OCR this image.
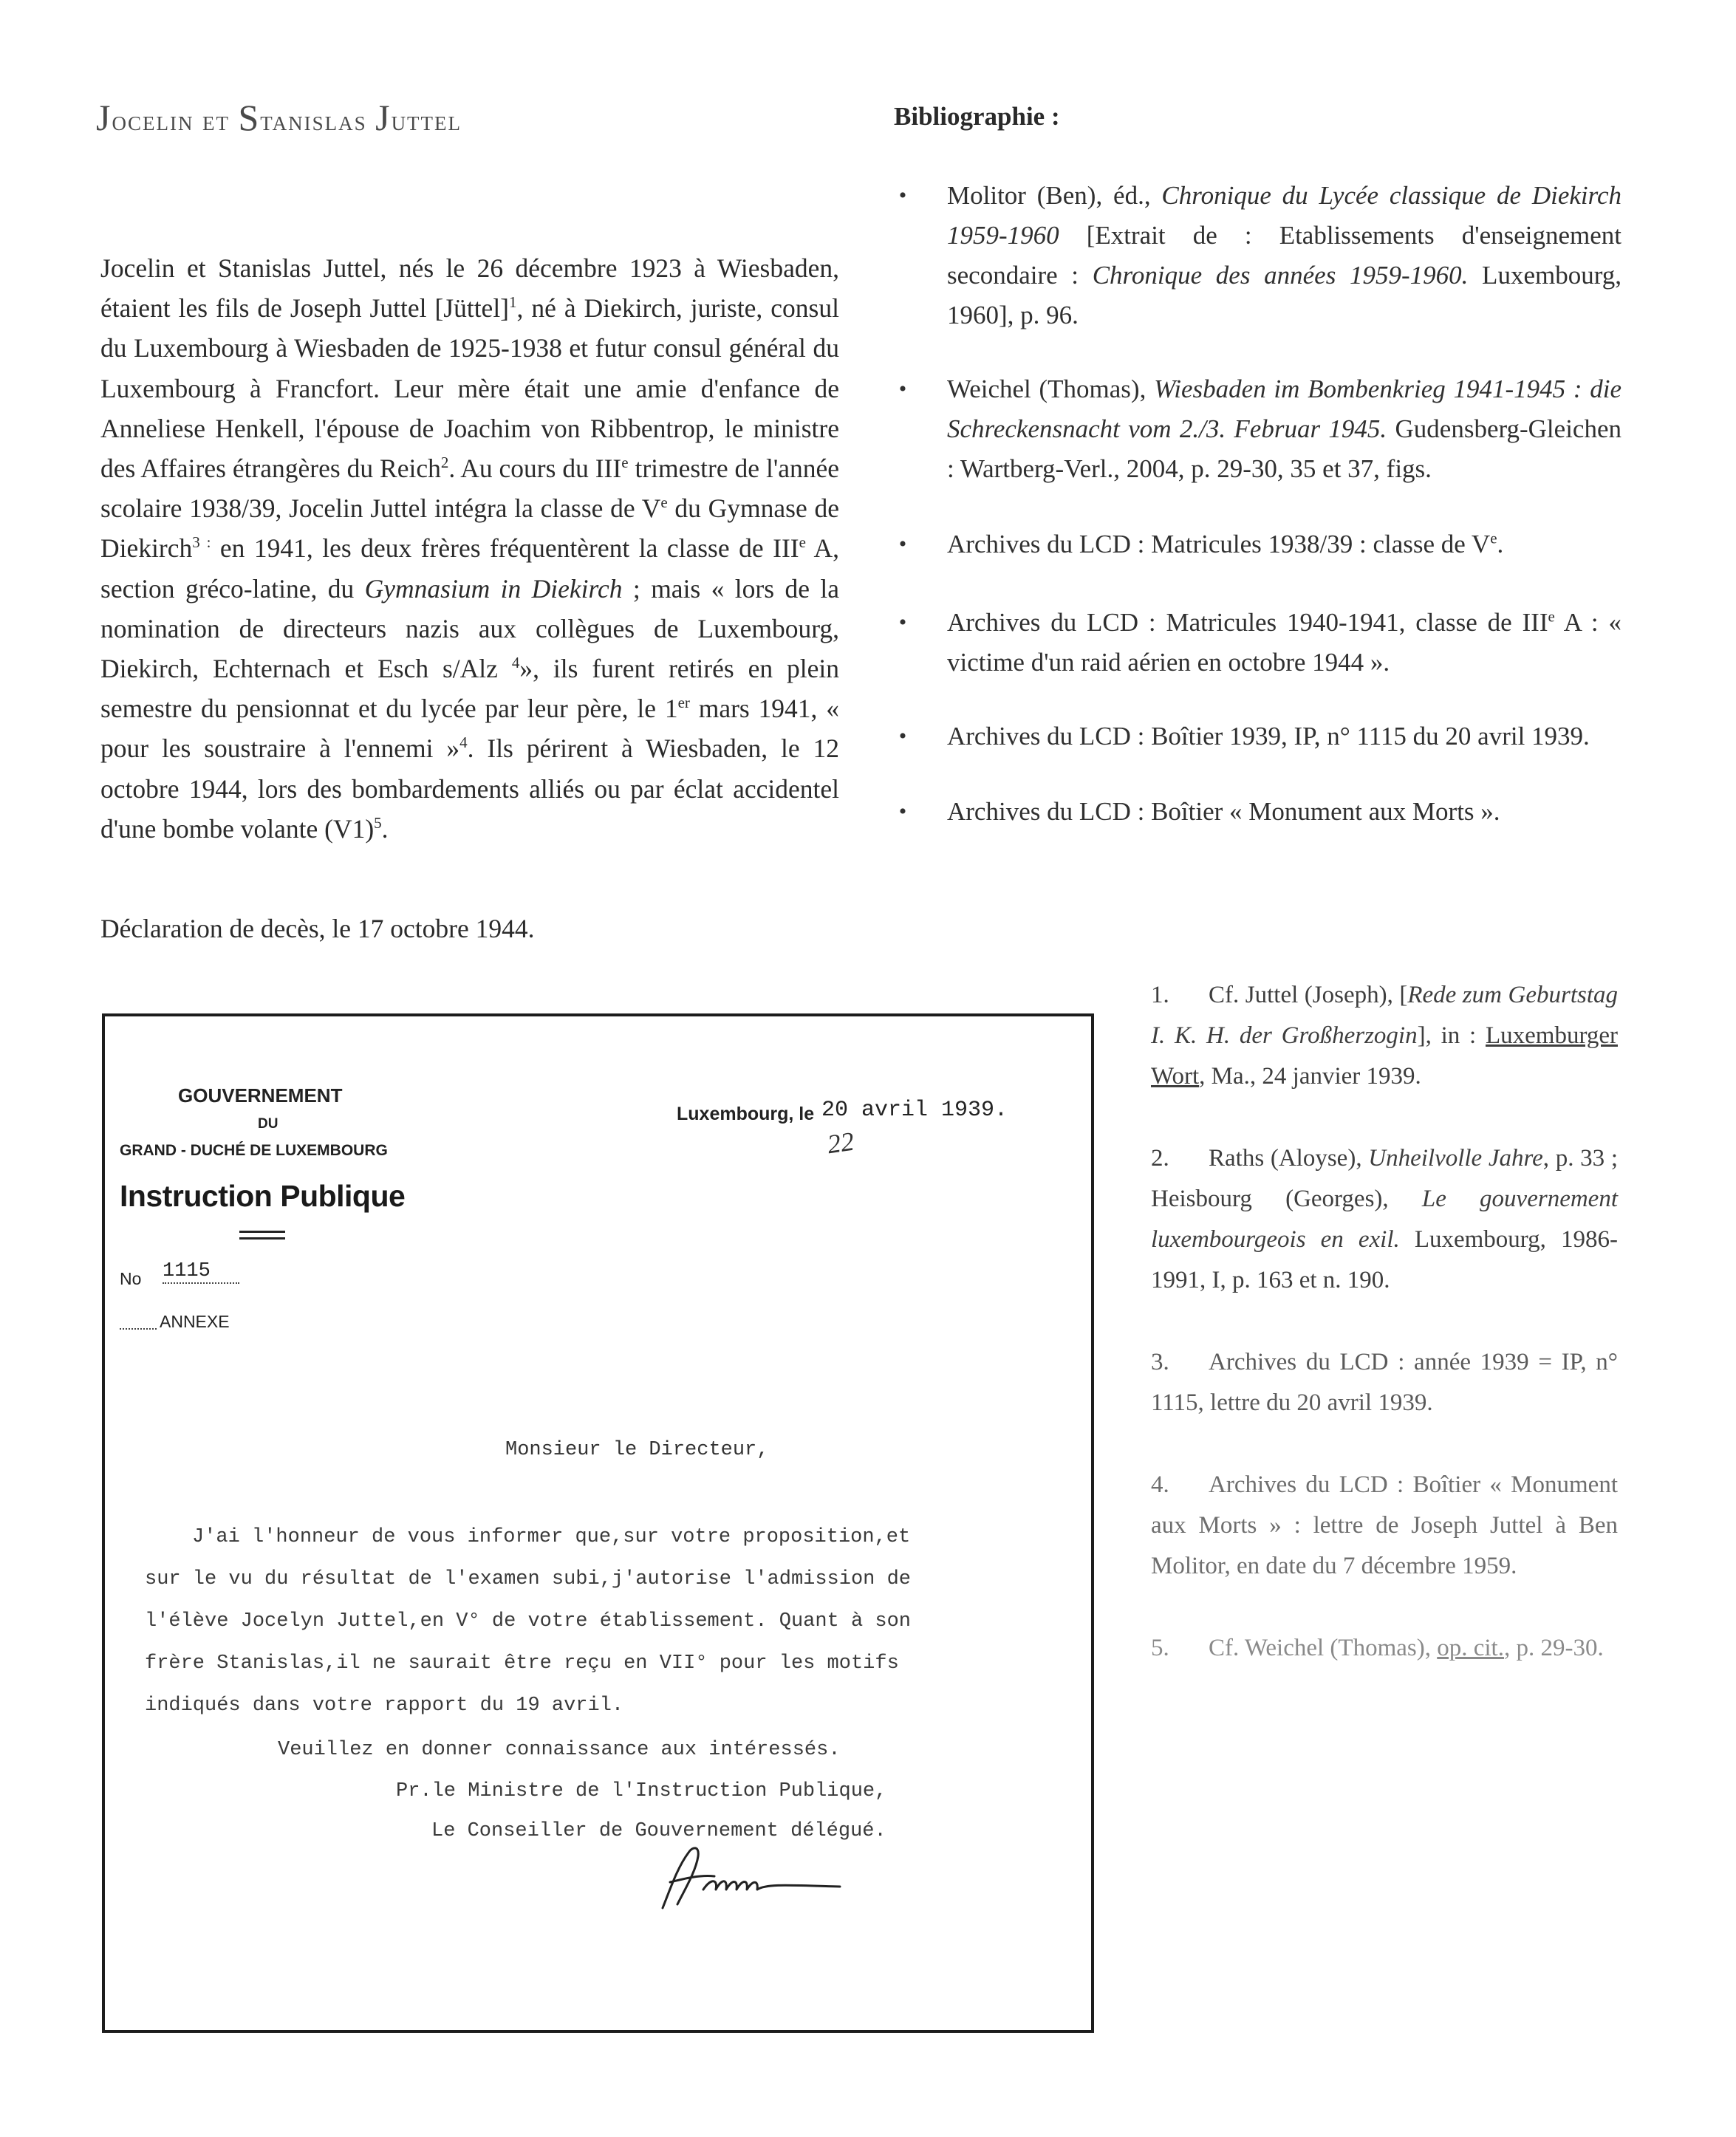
Jocelin et Stanislas Juttel

Jocelin et Stanislas Juttel, nés le 26 décembre 1923 à Wiesbaden, étaient les fils de Joseph Juttel [Jüttel]$^1$, né à Diekirch, juriste, consul du Luxembourg à Wiesbaden de 1925-1938 et futur consul général du Luxembourg à Francfort. Leur mère était une amie d'enfance de Anneliese Henkell, l'épouse de Joachim von Ribbentrop, le ministre des Affaires étrangères du Reich$^2$. Au cours du IIIe trimestre de l'année scolaire 1938/39, Jocelin Juttel intégra la classe de Ve du Gymnase de Diekirch$^{3 :}$ en 1941, les deux frères fréquentèrent la classe de IIIe A, section gréco-latine, du Gymnasium in Diekirch ; mais « lors de la nomination de directeurs nazis aux collègues de Luxembourg, Diekirch, Echternach et Esch s/Alz $^4$», ils furent retirés en plein semestre du pensionnat et du lycée par leur père, le 1er mars 1941, « pour les soustraire à l'ennemi »$^4$. Ils périrent à Wiesbaden, le 12 octobre 1944, lors des bombardements alliés ou par éclat accidentel d'une bombe volante $(V1)^5$.

Déclaration de decès, le 17 octobre 1944.
Bibliographie :
• Molitor (Ben), éd., Chronique du Lycée classique de Diekirch 1959-1960 [Extrait de : Etablissements d'enseignement secondaire : Chronique des années 1959-1960. Luxembourg, 1960], p. 96.
• Weichel (Thomas), Wiesbaden im Bombenkrieg 1941-1945 : die Schreckensnacht vom 2./3. Februar 1945. Gudensberg-Gleichen : Wartberg-Verl., 2004, p. 29-30, 35 et 37, figs.
• Archives du LCD : Matricules 1938/39 : classe de Ve.
• Archives du LCD : Matricules 1940-1941, classe de IIIe A : « victime d'un raid aérien en octobre 1944 ».
• Archives du LCD : Boîtier 1939, IP, n° 1115 du 20 avril 1939.
• Archives du LCD : Boîtier « Monument aux Morts ».

1. Cf. Juttel (Joseph), [Rede zum Geburtstag I. K. H. der Großherzogin], in : Luxemburger Wort, Ma., 24 janvier 1939.

2. Raths (Aloyse), Unheilvolle Jahre, p. 33 ; Heisbourg (Georges), Le gouvernement luxembourgeois en exil. Luxembourg, 1986-1991, I, p. 163 et n. 190.

3. Archives du LCD : année 1939 = IP, n° 1115, lettre du 20 avril 1939.

4. Archives du LCD : Boîtier « Monument aux Morts » : lettre de Joseph Juttel à Ben Molitor, en date du 7 décembre 1959.

5. Cf. Weichel (Thomas), op. cit., p. 29-30.

GOUVERNEMENT
DU
GRAND - DUCHÉ DE LUXEMBOURG
Instruction Publique
No 1115
ANNEXE
Luxembourg, le 20 avril 1939.
22
Monsieur le Directeur,
J'ai l'honneur de vous informer que,sur votre proposition,et
sur le vu du résultat de l'examen subi,j'autorise l'admission de
l'élève Jocelyn Juttel,en V° de votre établissement. Quant à son
frère Stanislas,il ne saurait être reçu en VII° pour les motifs
indiqués dans votre rapport du 19 avril.
Veuillez en donner connaissance aux intéressés.
Pr.le Ministre de l'Instruction Publique,
Le Conseiller de Gouvernement délégué.
